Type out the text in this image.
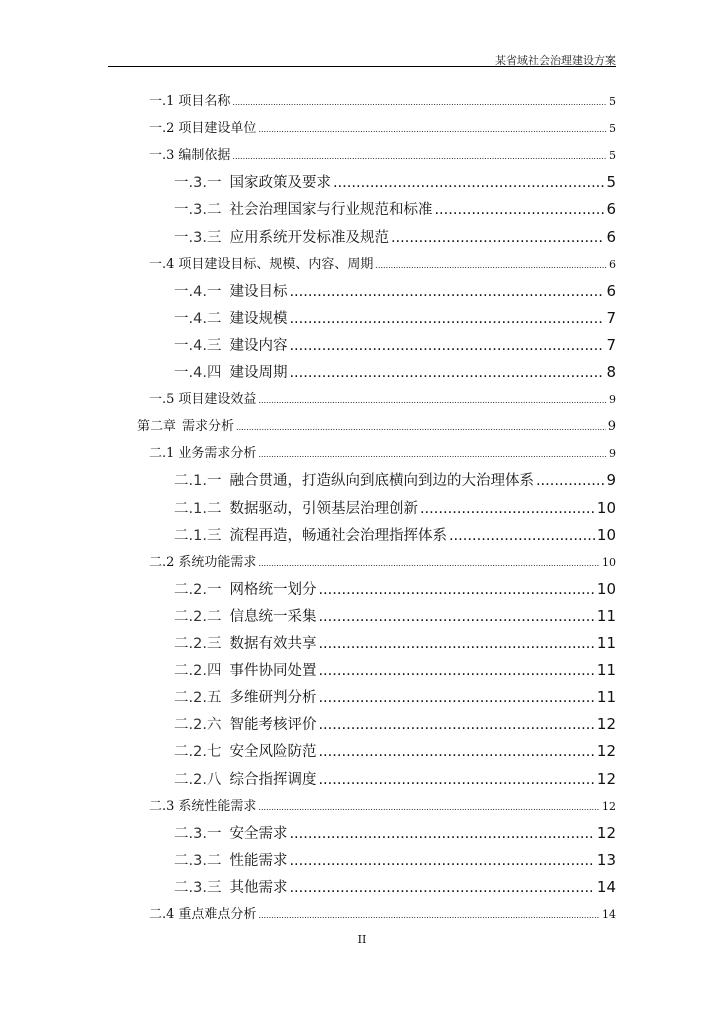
某省域社会治理建设方案
一.1 项目名称 .....	5
一.2 项目建设单位 .....	5
一.3 编制依据 .....	5
一.3.一 国家政策及要求 .....	5
一.3.二 社会治理国家与行业规范和标准 .....	6
一.3.三 应用系统开发标准及规范 .....	6
一.4 项目建设目标、规模、内容、周期 .....	6
一.4.一 建设目标 .....	6
一.4.二 建设规模 .....	7
一.4.三 建设内容 .....	7
一.4.四 建设周期 .....	8
一.5 项目建设效益 .....	9
第二章 需求分析 .....	9
二.1 业务需求分析 .....	9
二.1.一 融合贯通，打造纵向到底横向到边的大治理体系 .....	9
二.1.二 数据驱动，引领基层治理创新 .....	10
二.1.三 流程再造，畅通社会治理指挥体系 .....	10
二.2 系统功能需求 .....	10
二.2.一 网格统一划分 .....	10
二.2.二 信息统一采集 .....	11
二.2.三 数据有效共享 .....	11
二.2.四 事件协同处置 .....	11
二.2.五 多维研判分析 .....	11
二.2.六 智能考核评价 .....	12
二.2.七 安全风险防范 .....	12
二.2.八 综合指挥调度 .....	12
二.3 系统性能需求 .....	12
二.3.一 安全需求 .....	12
二.3.二 性能需求 .....	13
二.3.三 其他需求 .....	14
二.4 重点难点分析 .....	14
II
